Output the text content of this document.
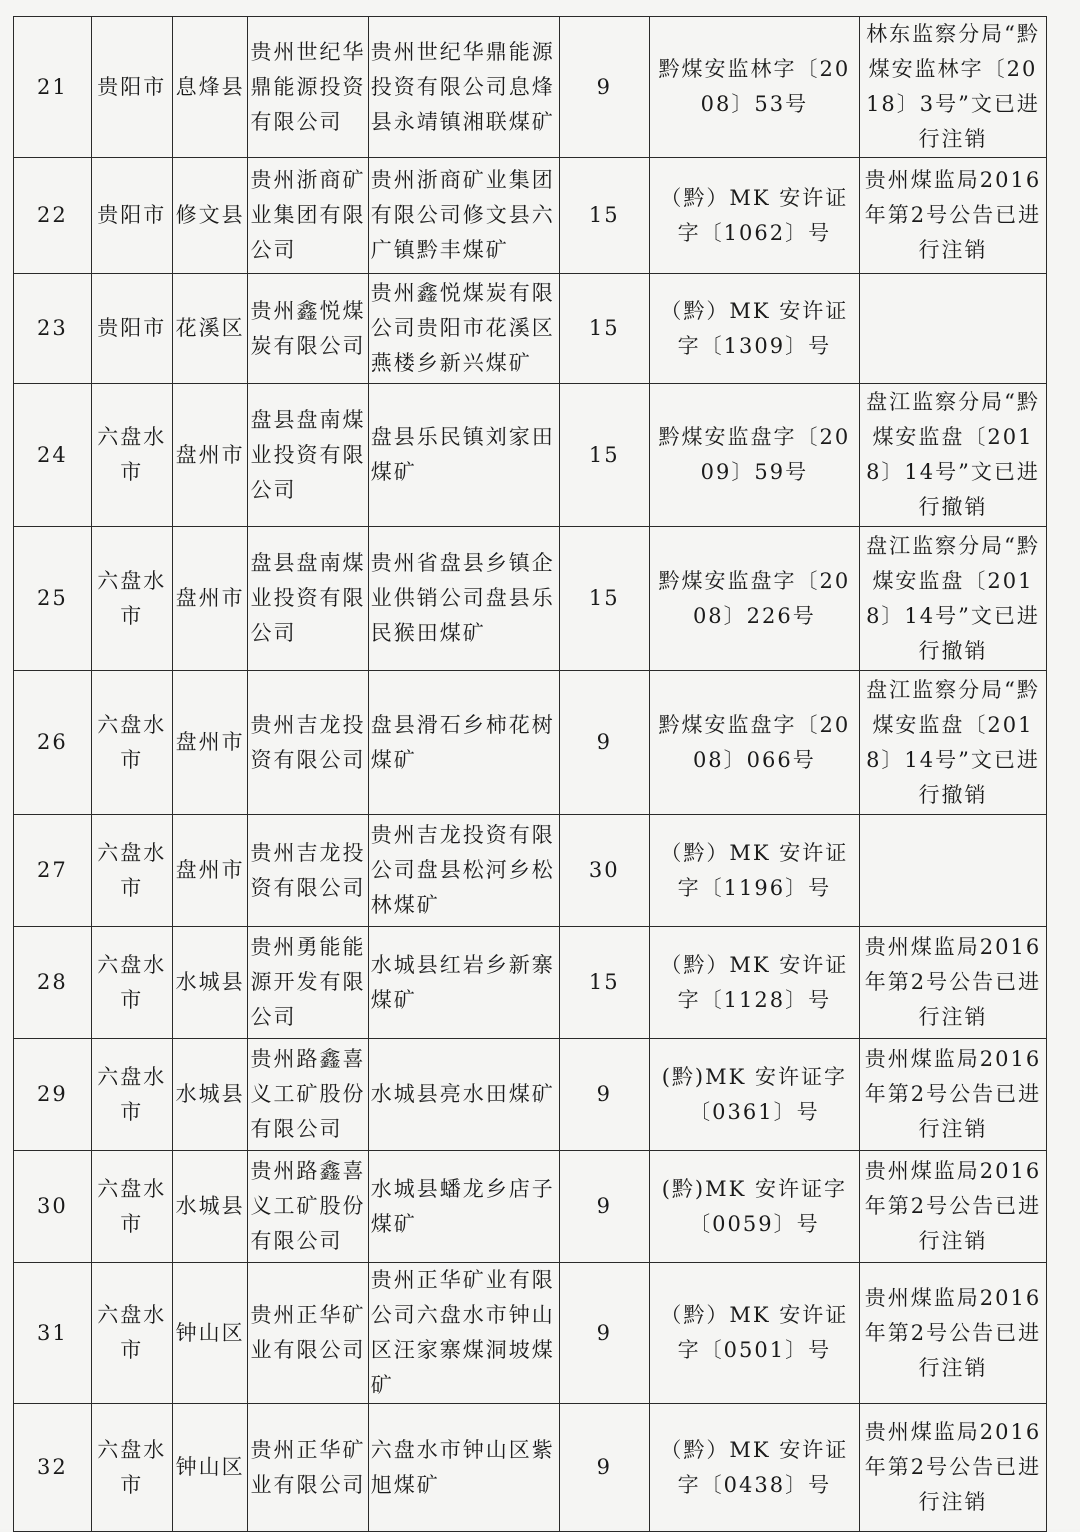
21	贵阳市	息烽县	贵州世纪华鼎能源投资有限公司	贵州世纪华鼎能源投资有限公司息烽县永靖镇湘联煤矿	9	黔煤安监林字〔2008〕53号	林东监察分局“黔煤安监林字〔2018〕3号”文已进行注销
22	贵阳市	修文县	贵州浙商矿业集团有限公司	贵州浙商矿业集团有限公司修文县六广镇黔丰煤矿	15	（黔）MK 安许证字〔1062〕号	贵州煤监局2016年第2号公告已进行注销
23	贵阳市	花溪区	贵州鑫悦煤炭有限公司	贵州鑫悦煤炭有限公司贵阳市花溪区燕楼乡新兴煤矿	15	（黔）MK 安许证字〔1309〕号	
24	六盘水市	盘州市	盘县盘南煤业投资有限公司	盘县乐民镇刘家田煤矿	15	黔煤安监盘字〔2009〕59号	盘江监察分局“黔煤安监盘〔2018〕14号”文已进行撤销
25	六盘水市	盘州市	盘县盘南煤业投资有限公司	贵州省盘县乡镇企业供销公司盘县乐民猴田煤矿	15	黔煤安监盘字〔2008〕226号	盘江监察分局“黔煤安监盘〔2018〕14号”文已进行撤销
26	六盘水市	盘州市	贵州吉龙投资有限公司	盘县滑石乡柿花树煤矿	9	黔煤安监盘字〔2008〕066号	盘江监察分局“黔煤安监盘〔2018〕14号”文已进行撤销
27	六盘水市	盘州市	贵州吉龙投资有限公司	贵州吉龙投资有限公司盘县松河乡松林煤矿	30	（黔）MK 安许证字〔1196〕号	
28	六盘水市	水城县	贵州勇能能源开发有限公司	水城县红岩乡新寨煤矿	15	（黔）MK 安许证字〔1128〕号	贵州煤监局2016年第2号公告已进行注销
29	六盘水市	水城县	贵州路鑫喜义工矿股份有限公司	水城县亮水田煤矿	9	(黔)MK 安许证字〔0361〕号	贵州煤监局2016年第2号公告已进行注销
30	六盘水市	水城县	贵州路鑫喜义工矿股份有限公司	水城县蟠龙乡店子煤矿	9	(黔)MK 安许证字〔0059〕号	贵州煤监局2016年第2号公告已进行注销
31	六盘水市	钟山区	贵州正华矿业有限公司	贵州正华矿业有限公司六盘水市钟山区汪家寨煤洞坡煤矿	9	（黔）MK 安许证字〔0501〕号	贵州煤监局2016年第2号公告已进行注销
32	六盘水市	钟山区	贵州正华矿业有限公司	六盘水市钟山区紫旭煤矿	9	（黔）MK 安许证字〔0438〕号	贵州煤监局2016年第2号公告已进行注销
